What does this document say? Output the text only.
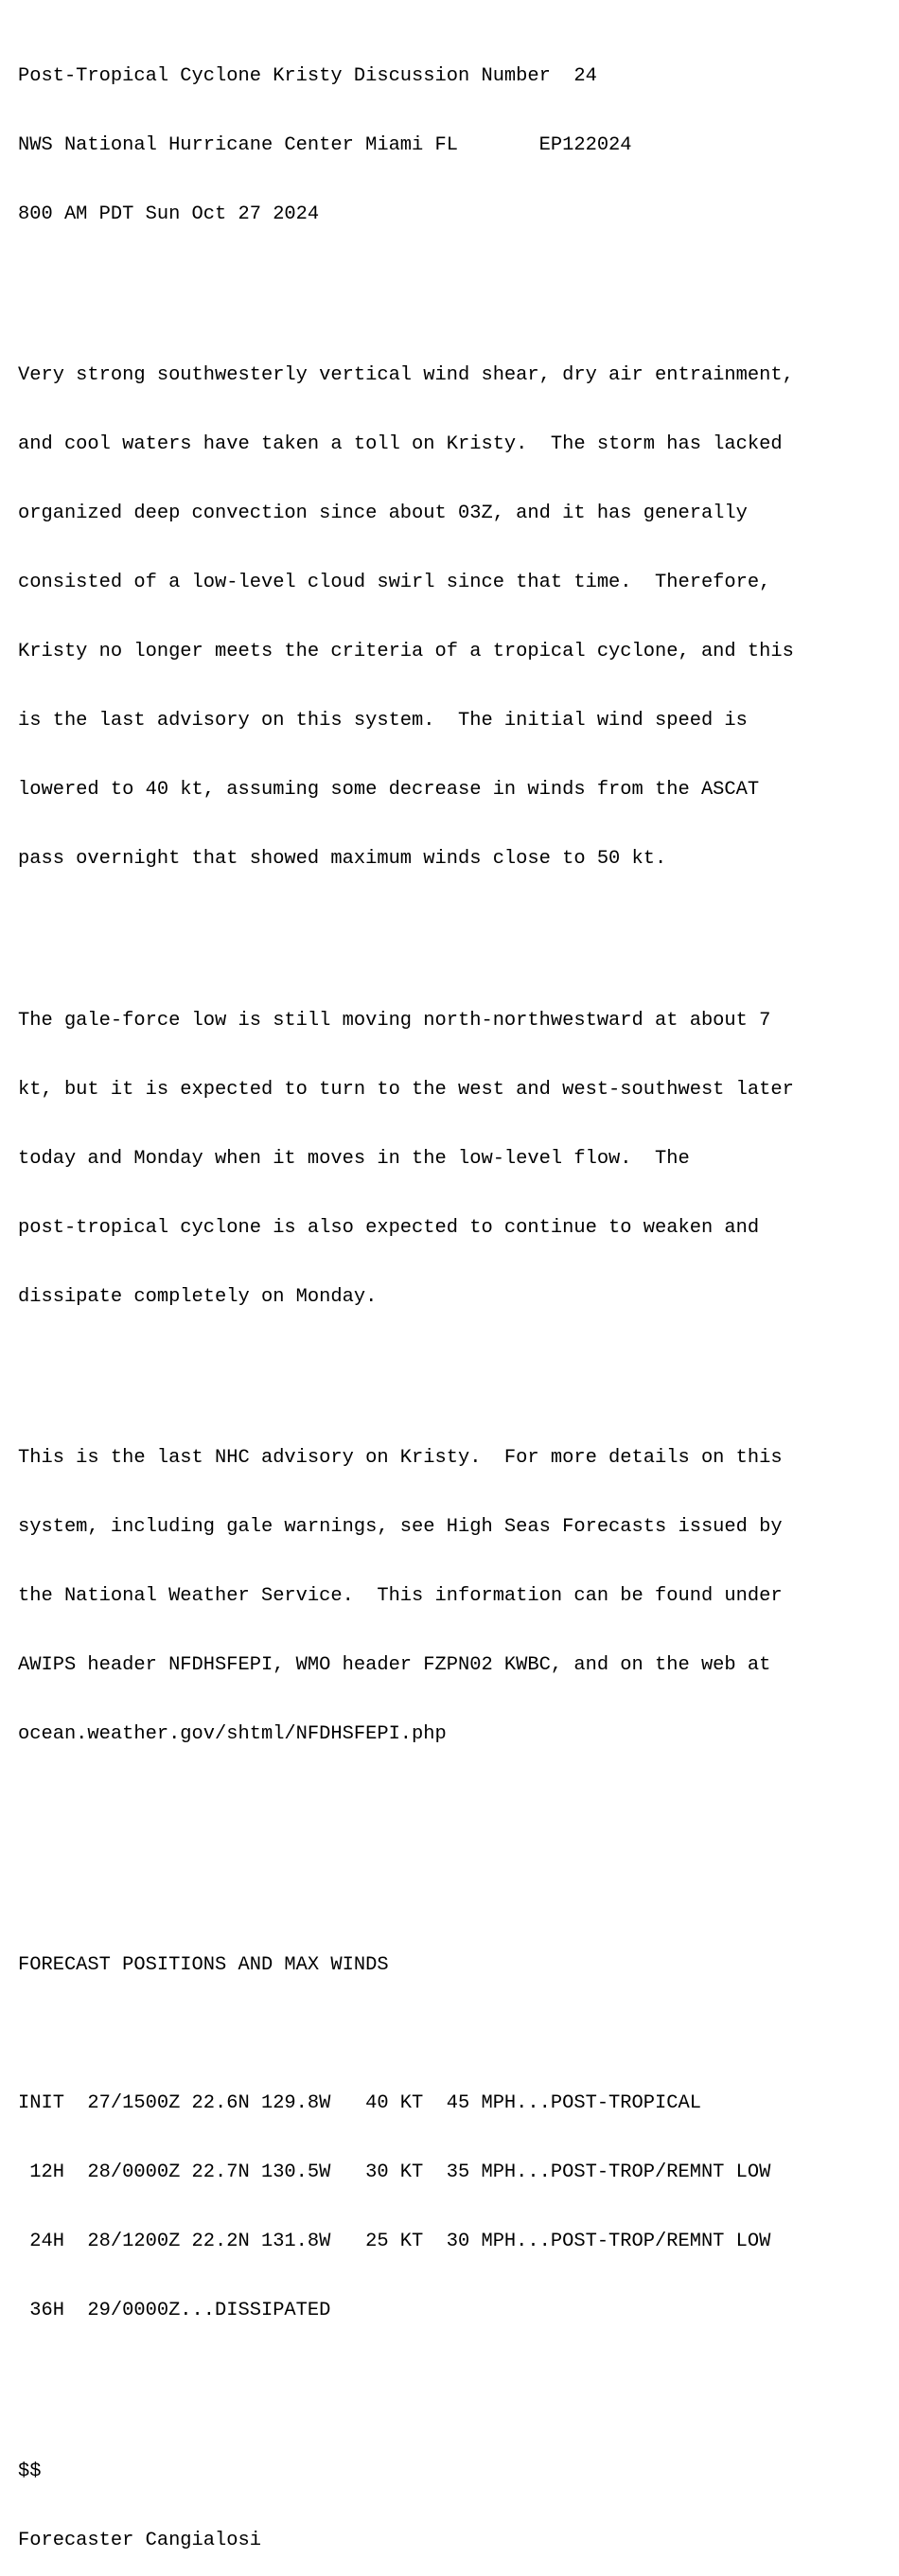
Post-Tropical Cyclone Kristy Discussion Number  24

NWS National Hurricane Center Miami FL       EP122024

800 AM PDT Sun Oct 27 2024

Very strong southwesterly vertical wind shear, dry air entrainment,

and cool waters have taken a toll on Kristy.  The storm has lacked

organized deep convection since about 03Z, and it has generally

consisted of a low-level cloud swirl since that time.  Therefore,

Kristy no longer meets the criteria of a tropical cyclone, and this

is the last advisory on this system.  The initial wind speed is

lowered to 40 kt, assuming some decrease in winds from the ASCAT

pass overnight that showed maximum winds close to 50 kt.

The gale-force low is still moving north-northwestward at about 7

kt, but it is expected to turn to the west and west-southwest later

today and Monday when it moves in the low-level flow.  The

post-tropical cyclone is also expected to continue to weaken and

dissipate completely on Monday.

This is the last NHC advisory on Kristy.  For more details on this

system, including gale warnings, see High Seas Forecasts issued by

the National Weather Service.  This information can be found under

AWIPS header NFDHSFEPI, WMO header FZPN02 KWBC, and on the web at

ocean.weather.gov/shtml/NFDHSFEPI.php

FORECAST POSITIONS AND MAX WINDS

INIT  27/1500Z 22.6N 129.8W   40 KT  45 MPH...POST-TROPICAL

12H  28/0000Z 22.7N 130.5W   30 KT  35 MPH...POST-TROP/REMNT LOW

24H  28/1200Z 22.2N 131.8W   25 KT  30 MPH...POST-TROP/REMNT LOW

36H  29/0000Z...DISSIPATED

$$

Forecaster Cangialosi
